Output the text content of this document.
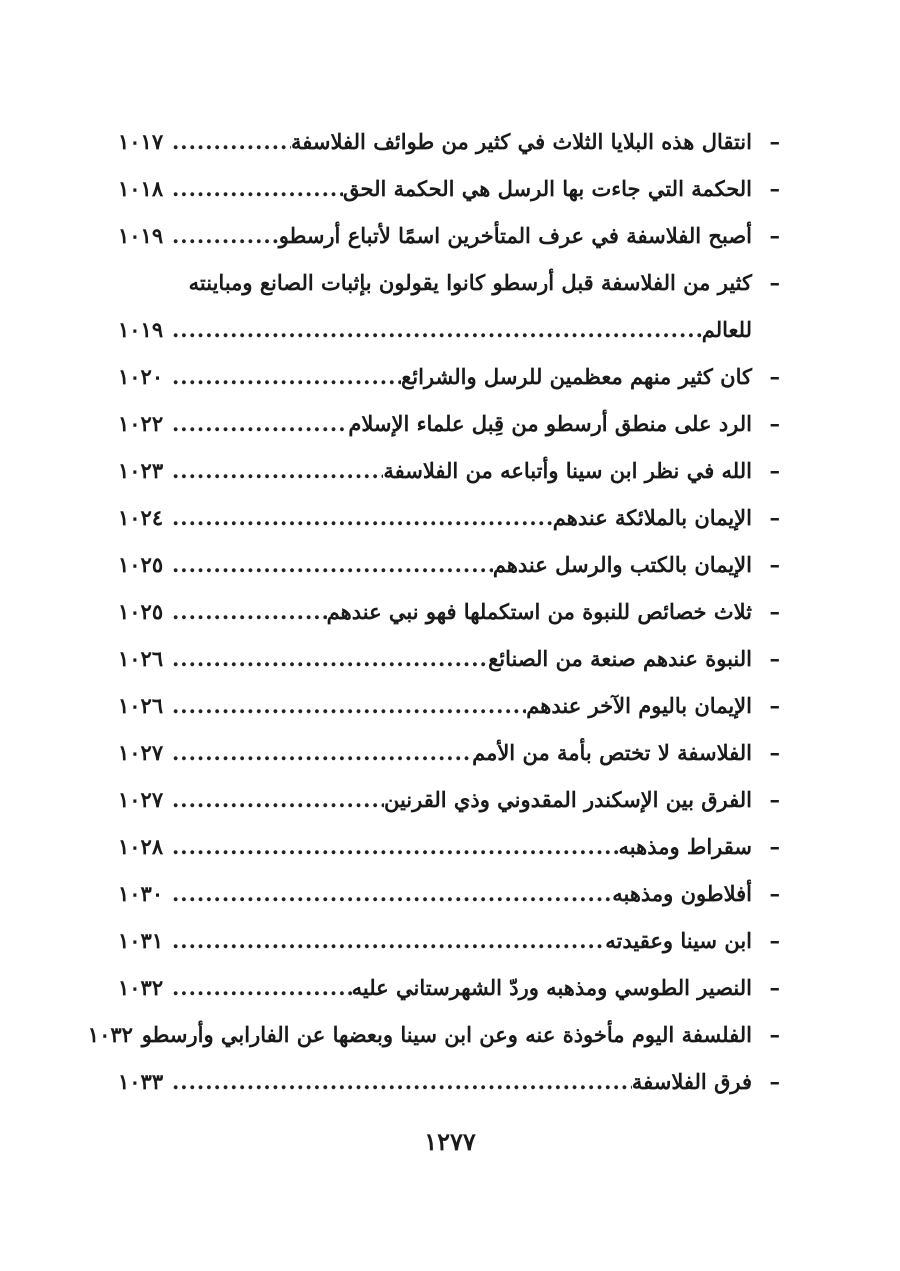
–
انتقال هذه البلايا الثلاث في كثير من طوائف الفلاسفة
.....
١٠١٧
–
الحكمة التي جاءت بها الرسل هي الحكمة الحق
.....
١٠١٨
–
أصبح الفلاسفة في عرف المتأخرين اسمًا لأتباع أرسطو
.....
١٠١٩
–
كثير من الفلاسفة قبل أرسطو كانوا يقولون بإثبات الصانع ومباينته
للعالم
.....
١٠١٩
–
كان كثير منهم معظمين للرسل والشرائع
.....
١٠٢٠
–
الرد على منطق أرسطو من قِبل علماء الإسلام
.....
١٠٢٢
–
الله في نظر ابن سينا وأتباعه من الفلاسفة
.....
١٠٢٣
–
الإيمان بالملائكة عندهم
.....
١٠٢٤
–
الإيمان بالكتب والرسل عندهم
.....
١٠٢٥
–
ثلاث خصائص للنبوة من استكملها فهو نبي عندهم
.....
١٠٢٥
–
النبوة عندهم صنعة من الصنائع
.....
١٠٢٦
–
الإيمان باليوم الآخر عندهم
.....
١٠٢٦
–
الفلاسفة لا تختص بأمة من الأمم
.....
١٠٢٧
–
الفرق بين الإسكندر المقدوني وذي القرنين
.....
١٠٢٧
–
سقراط ومذهبه
.....
١٠٢٨
–
أفلاطون ومذهبه
.....
١٠٣٠
–
ابن سينا وعقيدته
.....
١٠٣١
–
النصير الطوسي ومذهبه وردّ الشهرستاني عليه
.....
١٠٣٢
–
الفلسفة اليوم مأخوذة عنه وعن ابن سينا وبعضها عن الفارابي وأرسطو
١٠٣٢
–
فرق الفلاسفة
.....
١٠٣٣
١٢٧٧
